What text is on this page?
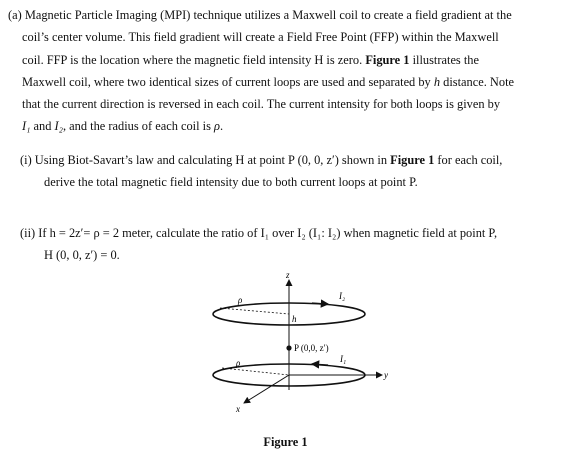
(a) Magnetic Particle Imaging (MPI) technique utilizes a Maxwell coil to create a field gradient at the
coil’s center volume. This field gradient will create a Field Free Point (FFP) within the Maxwell
coil. FFP is the location where the magnetic field intensity H is zero. Figure 1 illustrates the
Maxwell coil, where two identical sizes of current loops are used and separated by h distance. Note
that the current direction is reversed in each coil. The current intensity for both loops is given by
I₁ and I₂, and the radius of each coil is ρ.
(i) Using Biot-Savart’s law and calculating H at point P (0, 0, z′) shown in Figure 1 for each coil,
derive the total magnetic field intensity due to both current loops at point P.
(ii) If h = 2z′= ρ = 2 meter, calculate the ratio of I₁ over I₂ (I₁: I₂) when magnetic field at point P,
H (0, 0, z′) = 0.
z
y
x
ρ
h
I₂
P (0,0, z′)
ρ	I₁
Figure 1
